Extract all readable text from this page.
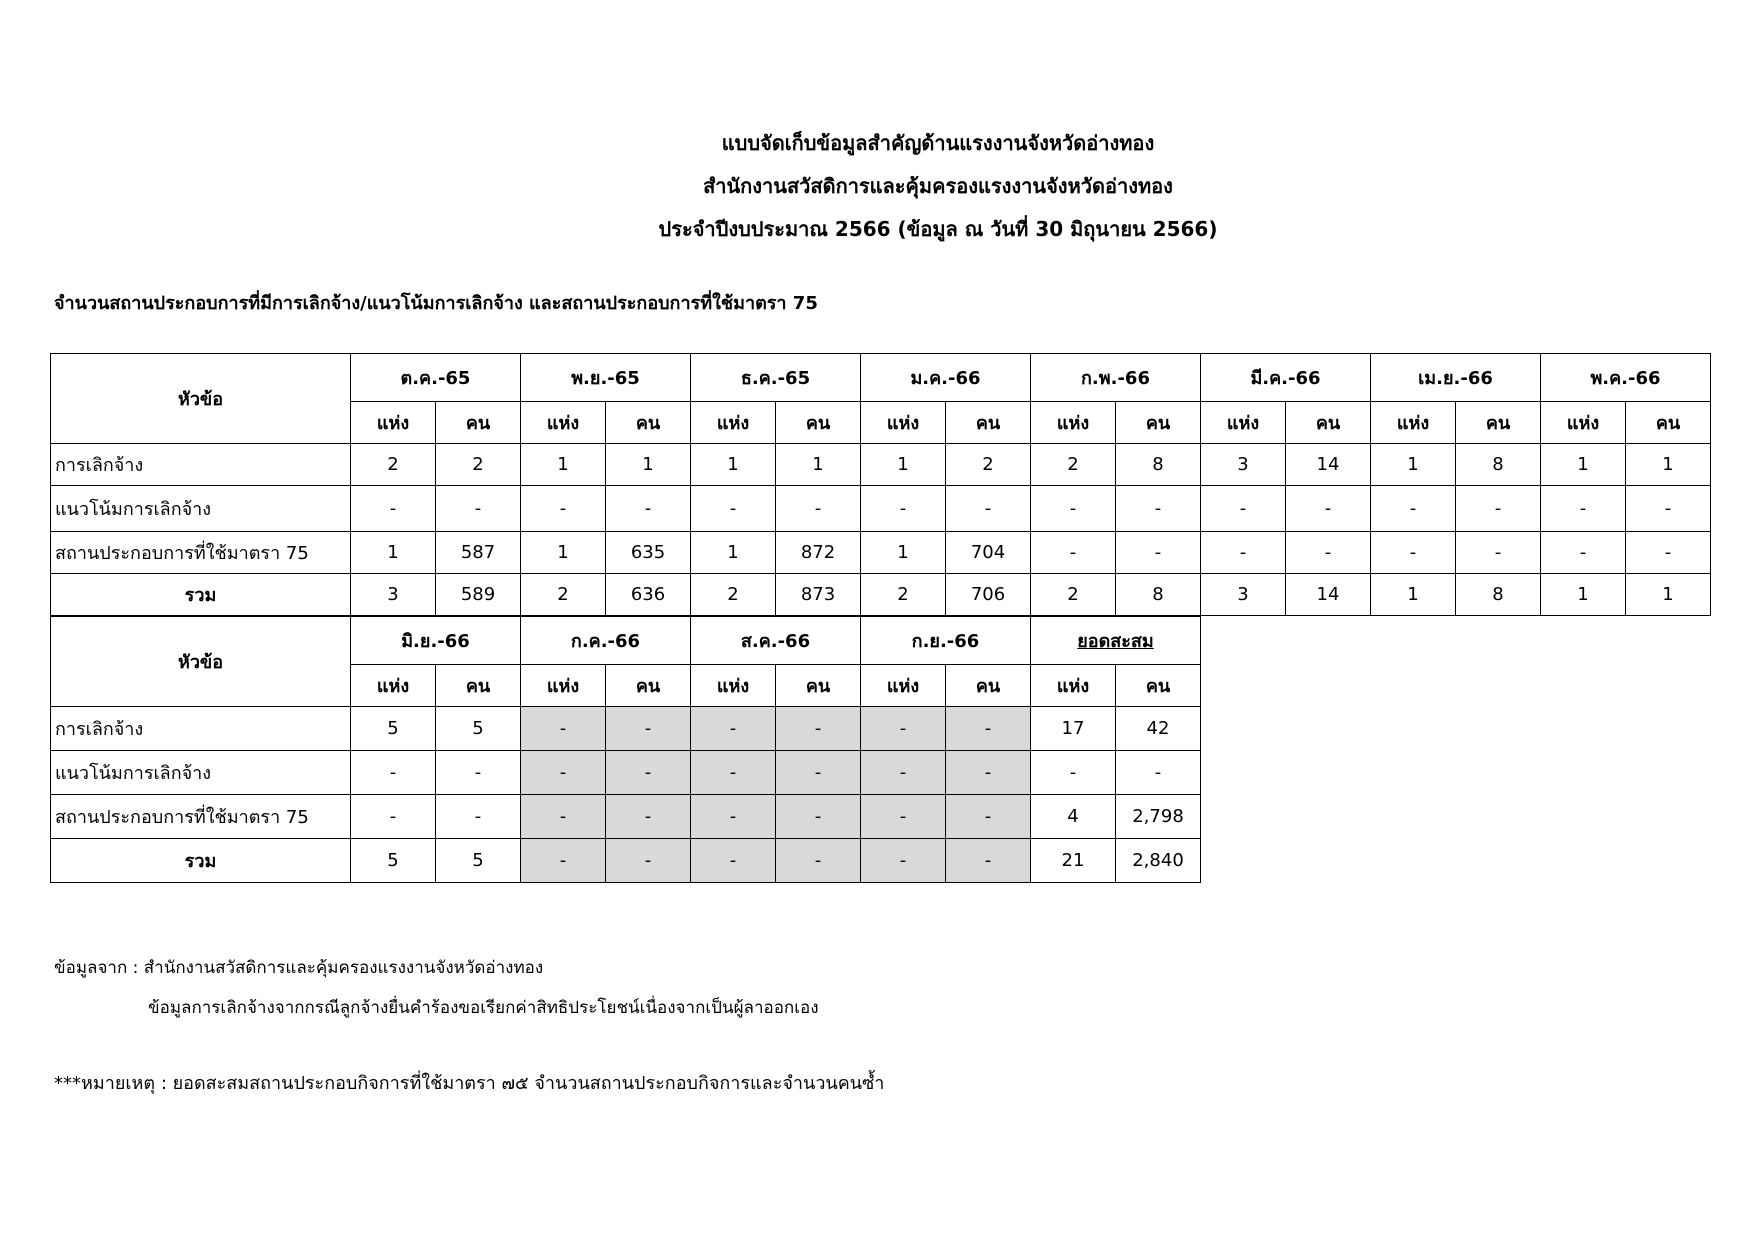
แบบจัดเก็บข้อมูลสำคัญด้านแรงงานจังหวัดอ่างทอง
สำนักงานสวัสดิการและคุ้มครองแรงงานจังหวัดอ่างทอง
ประจำปีงบประมาณ 2566 (ข้อมูล ณ วันที่ 30 มิถุนายน 2566)
จำนวนสถานประกอบการที่มีการเลิกจ้าง/แนวโน้มการเลิกจ้าง และสถานประกอบการที่ใช้มาตรา 75
หัวข้อ	ต.ค.-65		พ.ย.-65		ธ.ค.-65		ม.ค.-66		ก.พ.-66		มี.ค.-66		เม.ย.-66		พ.ค.-66	
	แห่ง	คน	แห่ง	คน	แห่ง	คน	แห่ง	คน	แห่ง	คน	แห่ง	คน	แห่ง	คน	แห่ง	คน
การเลิกจ้าง	2	2	1	1	1	1	1	2	2	8	3	14	1	8	1	1
แนวโน้มการเลิกจ้าง	-	-	-	-	-	-	-	-	-	-	-	-	-	-	-	-
สถานประกอบการที่ใช้มาตรา 75	1	587	1	635	1	872	1	704	-	-	-	-	-	-	-	-
รวม	3	589	2	636	2	873	2	706	2	8	3	14	1	8	1	1
หัวข้อ	มิ.ย.-66		ก.ค.-66		ส.ค.-66		ก.ย.-66		ยอดสะสม	
	แห่ง	คน	แห่ง	คน	แห่ง	คน	แห่ง	คน	แห่ง	คน
การเลิกจ้าง	5	5	-	-	-	-	-	-	17	42
แนวโน้มการเลิกจ้าง	-	-	-	-	-	-	-	-	-	-
สถานประกอบการที่ใช้มาตรา 75	-	-	-	-	-	-	-	-	4	2,798
รวม	5	5	-	-	-	-	-	-	21	2,840
ข้อมูลจาก : สำนักงานสวัสดิการและคุ้มครองแรงงานจังหวัดอ่างทอง
ข้อมูลการเลิกจ้างจากกรณีลูกจ้างยื่นคำร้องขอเรียกค่าสิทธิประโยชน์เนื่องจากเป็นผู้ลาออกเอง
***หมายเหตุ : ยอดสะสมสถานประกอบกิจการที่ใช้มาตรา ๗๕ จำนวนสถานประกอบกิจการและจำนวนคนซ้ำ
